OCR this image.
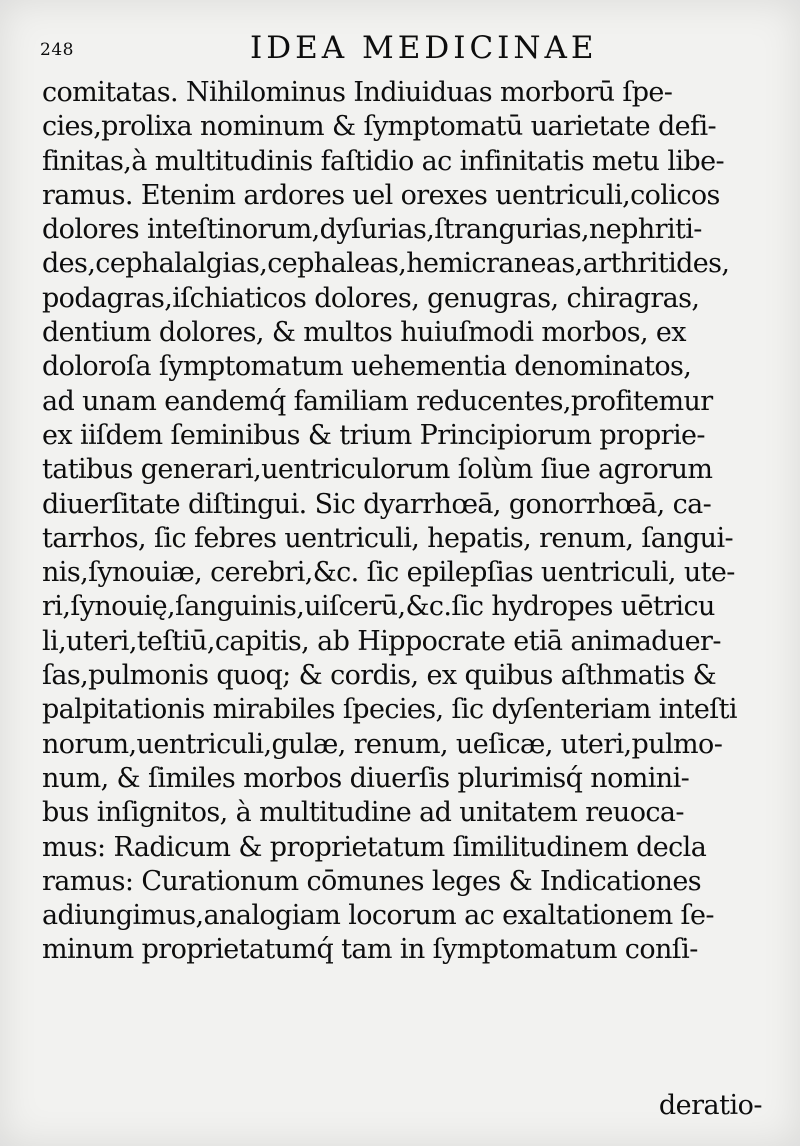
248	IDEA MEDICINAE
comitatas. Nihilominus Indiuiduas morborū ſpe-
cies,prolixa nominum & ſymptomatū uarietate defi-
finitas,à multitudinis faſtidio ac infinitatis metu libe-
ramus. Etenim ardores uel orexes uentriculi,colicos
dolores inteſtinorum,dyſurias,ſtrangurias,nephriti-
des,cephalalgias,cephaleas,hemicraneas,arthritides,
podagras,iſchiaticos dolores, genugras, chiragras,
dentium dolores, & multos huiuſmodi morbos, ex
doloroſa ſymptomatum uehementia denominatos,
ad unam eandemq́ familiam reducentes,profitemur
ex iiſdem ſeminibus & trium Principiorum proprie-
tatibus generari,uentriculorum ſolùm ſiue agrorum
diuerſitate diſtingui. Sic dyarrhœā, gonorrhœā, ca-
tarrhos, ſic febres uentriculi, hepatis, renum, ſangui-
nis,ſynouiæ, cerebri,&c. ſic epilepſias uentriculi, ute-
ri,ſynouię,ſanguinis,uiſcerū,&c.ſic hydropes uētricu
li,uteri,teſtiū,capitis, ab Hippocrate etiā animaduer-
ſas,pulmonis quoq; & cordis, ex quibus aſthmatis &
palpitationis mirabiles ſpecies, ſic dyſenteriam inteſti
norum,uentriculi,gulæ, renum, ueſicæ, uteri,pulmo-
num, & ſimiles morbos diuerſis plurimisq́ nomini-
bus inſignitos, à multitudine ad unitatem reuoca-
mus: Radicum & proprietatum ſimilitudinem decla
ramus: Curationum cōmunes leges & Indicationes
adiungimus,analogiam locorum ac exaltationem ſe-
minum proprietatumq́ tam in ſymptomatum conſi-
deratio-
